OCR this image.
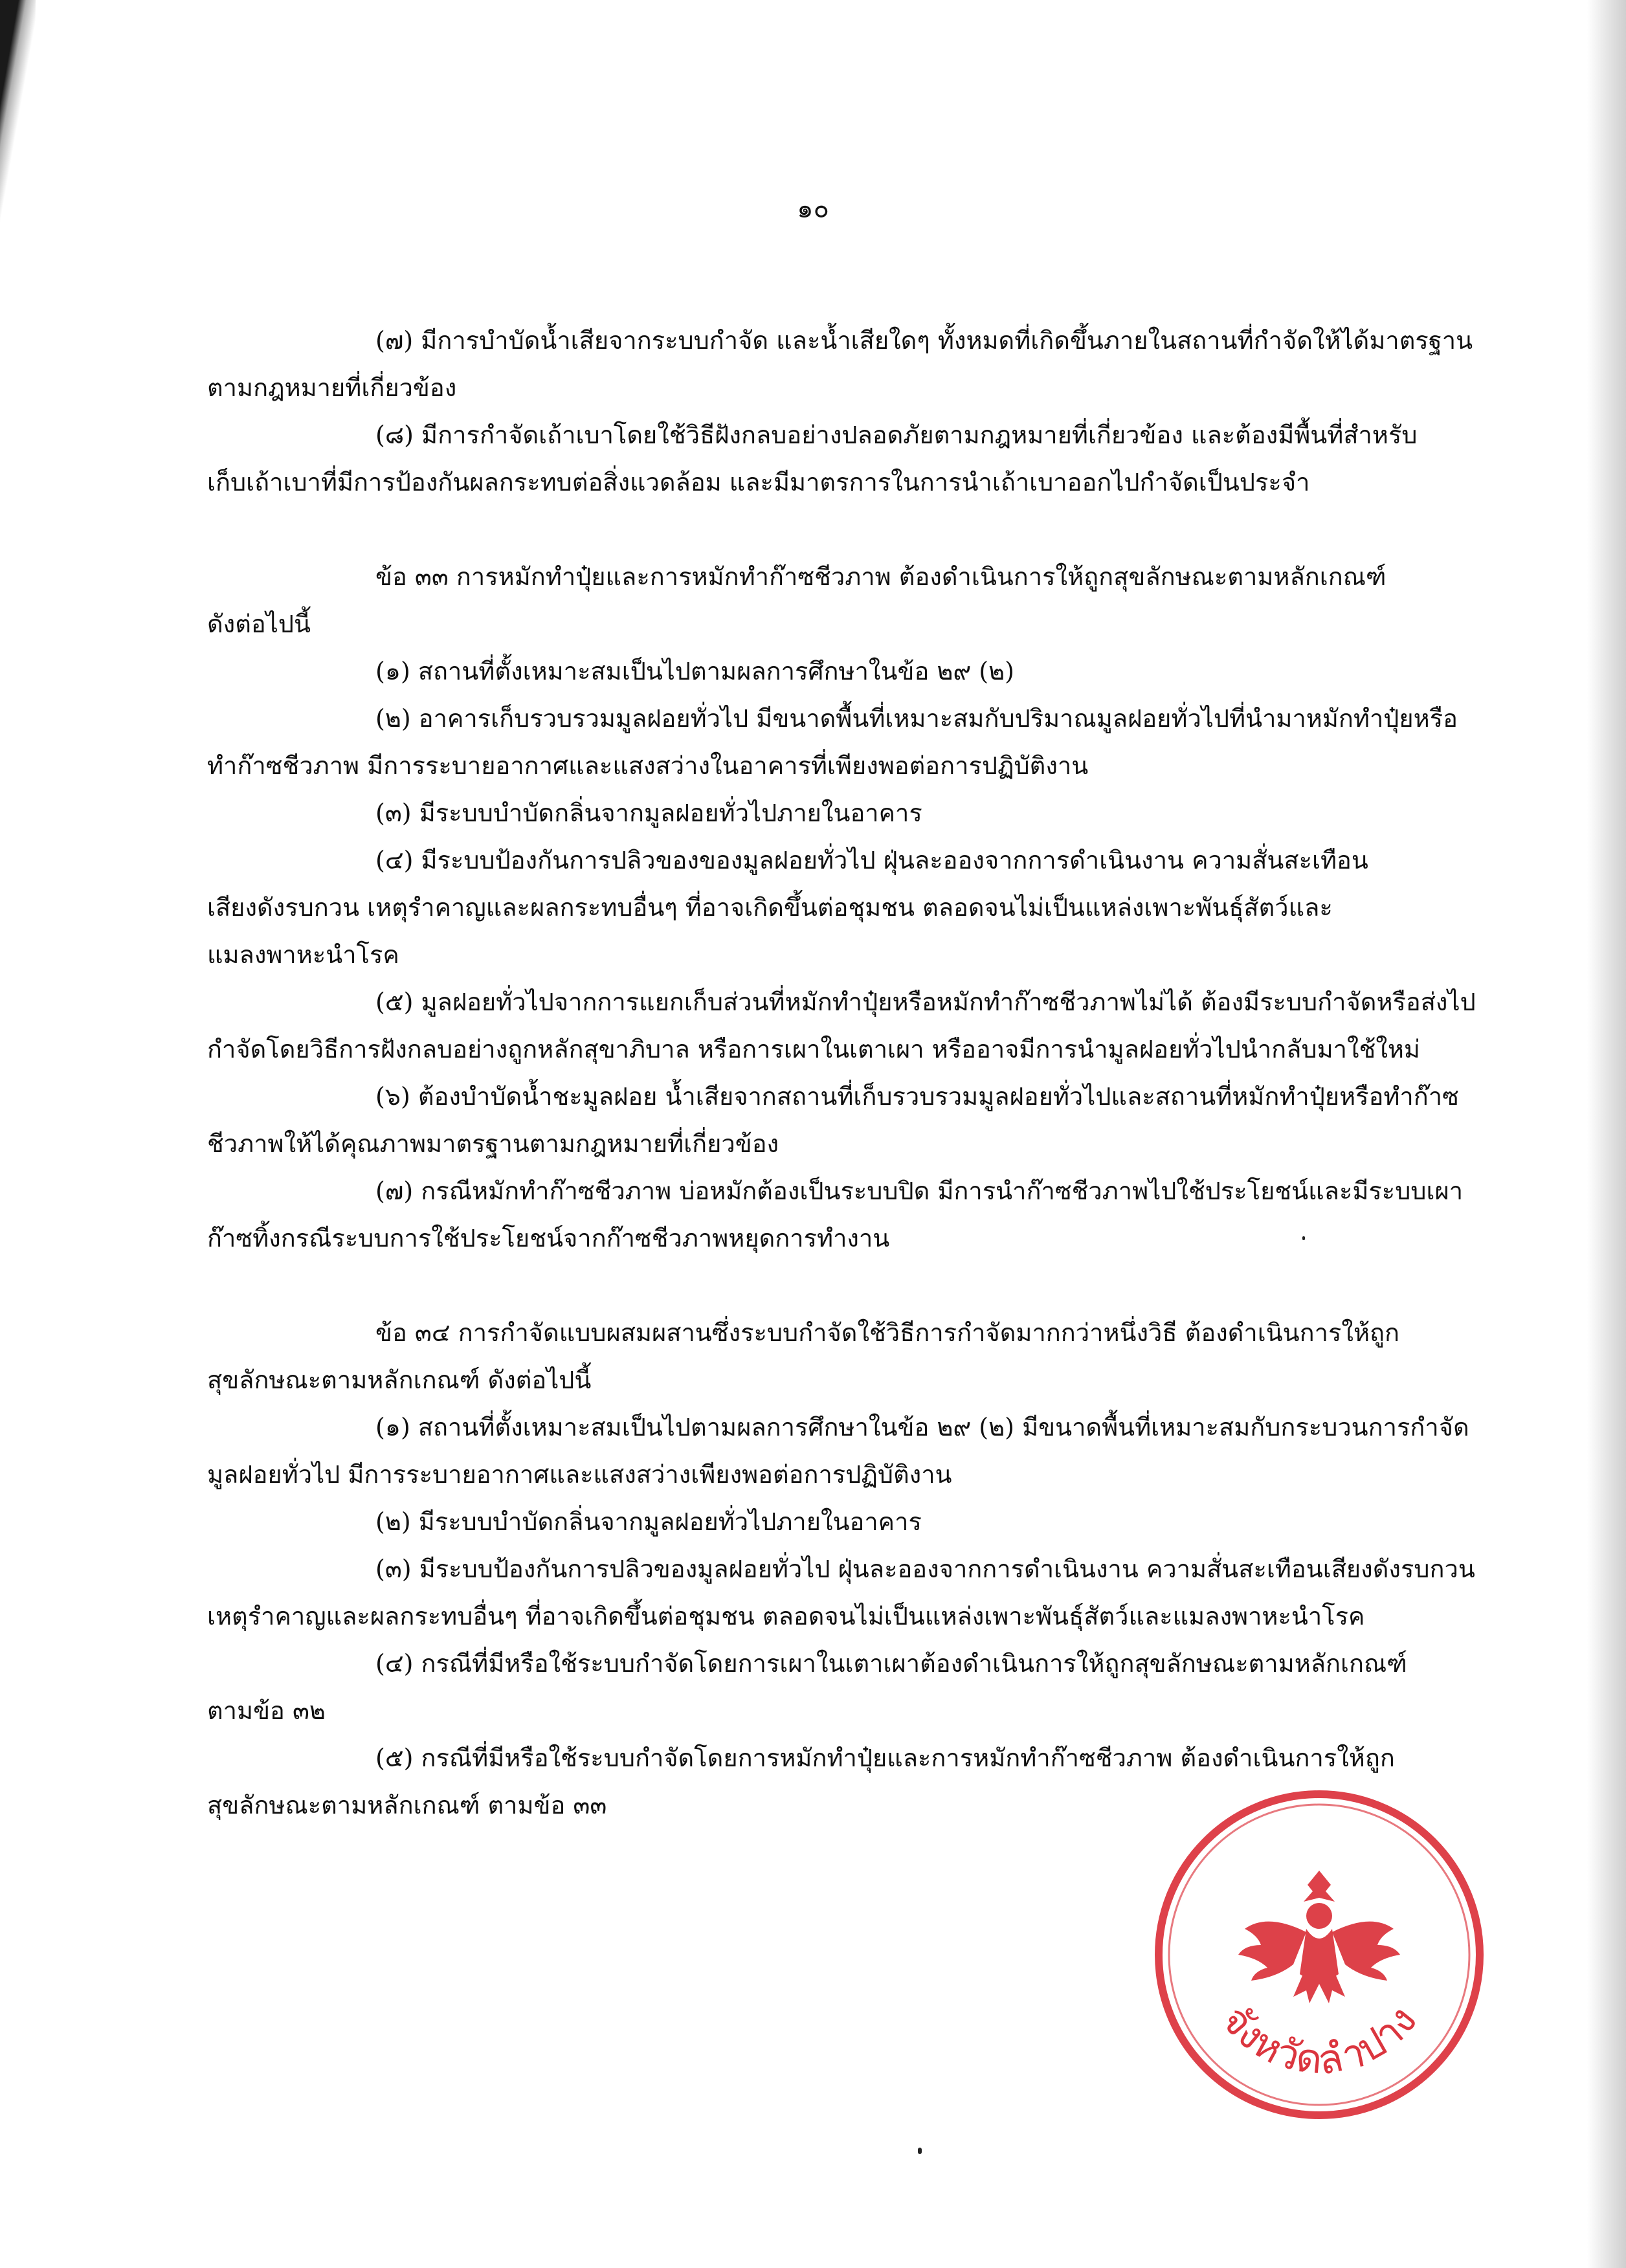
๑๐
(๗) มีการบำบัดน้ำเสียจากระบบกำจัด และน้ำเสียใดๆ ทั้งหมดที่เกิดขึ้นภายในสถานที่กำจัดให้ได้มาตรฐาน
ตามกฎหมายที่เกี่ยวข้อง
(๘) มีการกำจัดเถ้าเบาโดยใช้วิธีฝังกลบอย่างปลอดภัยตามกฎหมายที่เกี่ยวข้อง และต้องมีพื้นที่สำหรับ
เก็บเถ้าเบาที่มีการป้องกันผลกระทบต่อสิ่งแวดล้อม และมีมาตรการในการนำเถ้าเบาออกไปกำจัดเป็นประจำ
ข้อ ๓๓ การหมักทำปุ๋ยและการหมักทำก๊าซชีวภาพ ต้องดำเนินการให้ถูกสุขลักษณะตามหลักเกณฑ์
ดังต่อไปนี้
(๑) สถานที่ตั้งเหมาะสมเป็นไปตามผลการศึกษาในข้อ ๒๙ (๒)
(๒) อาคารเก็บรวบรวมมูลฝอยทั่วไป มีขนาดพื้นที่เหมาะสมกับปริมาณมูลฝอยทั่วไปที่นำมาหมักทำปุ๋ยหรือ
ทำก๊าซชีวภาพ มีการระบายอากาศและแสงสว่างในอาคารที่เพียงพอต่อการปฏิบัติงาน
(๓) มีระบบบำบัดกลิ่นจากมูลฝอยทั่วไปภายในอาคาร
(๔) มีระบบป้องกันการปลิวของของมูลฝอยทั่วไป ฝุ่นละอองจากการดำเนินงาน ความสั่นสะเทือน
เสียงดังรบกวน เหตุรำคาญและผลกระทบอื่นๆ ที่อาจเกิดขึ้นต่อชุมชน ตลอดจนไม่เป็นแหล่งเพาะพันธุ์สัตว์และ
แมลงพาหะนำโรค
(๕) มูลฝอยทั่วไปจากการแยกเก็บส่วนที่หมักทำปุ๋ยหรือหมักทำก๊าซชีวภาพไม่ได้ ต้องมีระบบกำจัดหรือส่งไป
กำจัดโดยวิธีการฝังกลบอย่างถูกหลักสุขาภิบาล หรือการเผาในเตาเผา หรืออาจมีการนำมูลฝอยทั่วไปนำกลับมาใช้ใหม่
(๖) ต้องบำบัดน้ำชะมูลฝอย น้ำเสียจากสถานที่เก็บรวบรวมมูลฝอยทั่วไปและสถานที่หมักทำปุ๋ยหรือทำก๊าซ
ชีวภาพให้ได้คุณภาพมาตรฐานตามกฎหมายที่เกี่ยวข้อง
(๗) กรณีหมักทำก๊าซชีวภาพ บ่อหมักต้องเป็นระบบปิด มีการนำก๊าซชีวภาพไปใช้ประโยชน์และมีระบบเผา
ก๊าซทิ้งกรณีระบบการใช้ประโยชน์จากก๊าซชีวภาพหยุดการทำงาน
ข้อ ๓๔ การกำจัดแบบผสมผสานซึ่งระบบกำจัดใช้วิธีการกำจัดมากกว่าหนึ่งวิธี ต้องดำเนินการให้ถูก
สุขลักษณะตามหลักเกณฑ์ ดังต่อไปนี้
(๑) สถานที่ตั้งเหมาะสมเป็นไปตามผลการศึกษาในข้อ ๒๙ (๒) มีขนาดพื้นที่เหมาะสมกับกระบวนการกำจัด
มูลฝอยทั่วไป มีการระบายอากาศและแสงสว่างเพียงพอต่อการปฏิบัติงาน
(๒) มีระบบบำบัดกลิ่นจากมูลฝอยทั่วไปภายในอาคาร
(๓) มีระบบป้องกันการปลิวของมูลฝอยทั่วไป ฝุ่นละอองจากการดำเนินงาน ความสั่นสะเทือนเสียงดังรบกวน
เหตุรำคาญและผลกระทบอื่นๆ ที่อาจเกิดขึ้นต่อชุมชน ตลอดจนไม่เป็นแหล่งเพาะพันธุ์สัตว์และแมลงพาหะนำโรค
(๔) กรณีที่มีหรือใช้ระบบกำจัดโดยการเผาในเตาเผาต้องดำเนินการให้ถูกสุขลักษณะตามหลักเกณฑ์
ตามข้อ ๓๒
(๕) กรณีที่มีหรือใช้ระบบกำจัดโดยการหมักทำปุ๋ยและการหมักทำก๊าซชีวภาพ ต้องดำเนินการให้ถูก
สุขลักษณะตามหลักเกณฑ์ ตามข้อ ๓๓
จังหวัดลำปาง
